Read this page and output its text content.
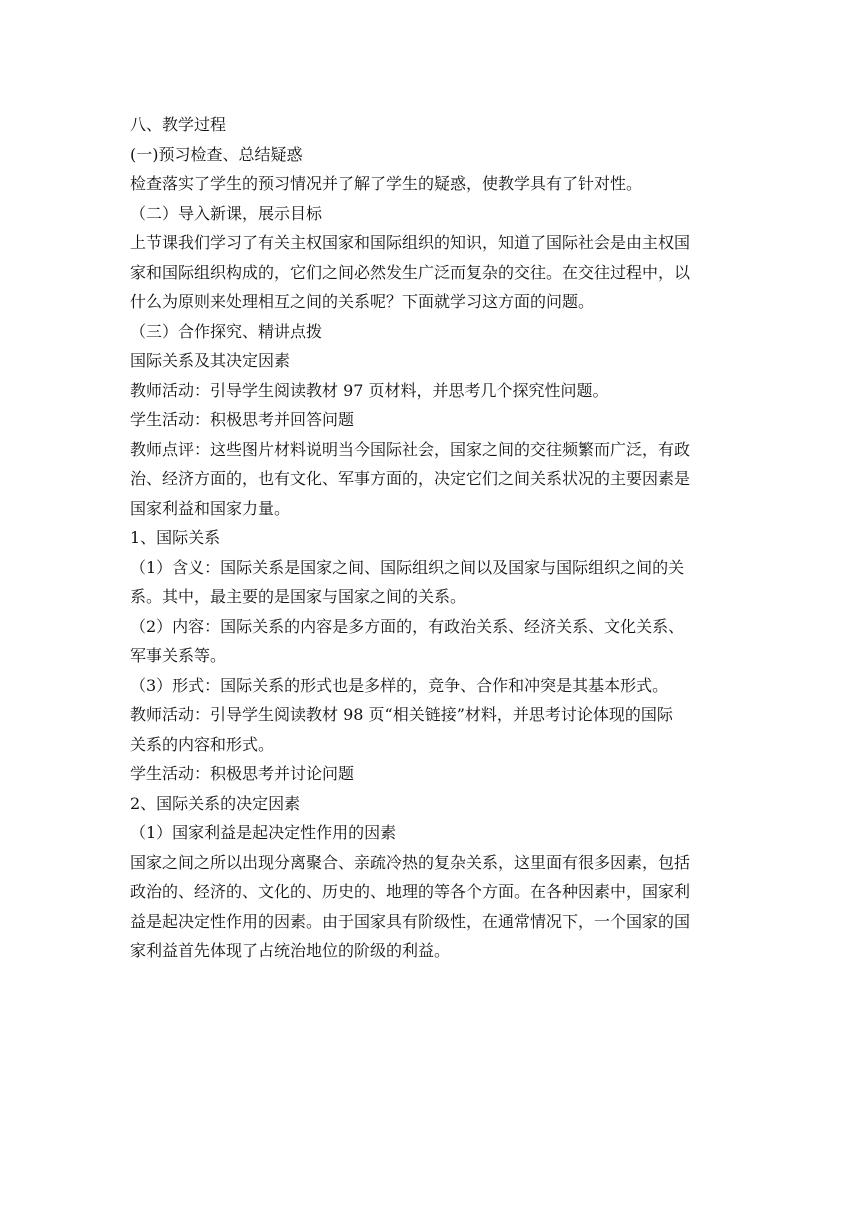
八、教学过程
(一)预习检查、总结疑惑
检查落实了学生的预习情况并了解了学生的疑惑，使教学具有了针对性。
（二）导入新课，展示目标
上节课我们学习了有关主权国家和国际组织的知识，知道了国际社会是由主权国
家和国际组织构成的，它们之间必然发生广泛而复杂的交往。在交往过程中，以
什么为原则来处理相互之间的关系呢？下面就学习这方面的问题。
（三）合作探究、精讲点拨
国际关系及其决定因素
教师活动：引导学生阅读教材 97 页材料，并思考几个探究性问题。
学生活动：积极思考并回答问题
教师点评：这些图片材料说明当今国际社会，国家之间的交往频繁而广泛，有政
治、经济方面的，也有文化、军事方面的，决定它们之间关系状况的主要因素是
国家利益和国家力量。
1、国际关系
（1）含义：国际关系是国家之间、国际组织之间以及国家与国际组织之间的关
系。其中，最主要的是国家与国家之间的关系。
（2）内容：国际关系的内容是多方面的，有政治关系、经济关系、文化关系、
军事关系等。
（3）形式：国际关系的形式也是多样的，竞争、合作和冲突是其基本形式。
教师活动：引导学生阅读教材 98 页“相关链接”材料，并思考讨论体现的国际
关系的内容和形式。
学生活动：积极思考并讨论问题
2、国际关系的决定因素
（1）国家利益是起决定性作用的因素
国家之间之所以出现分离聚合、亲疏冷热的复杂关系，这里面有很多因素，包括
政治的、经济的、文化的、历史的、地理的等各个方面。在各种因素中，国家利
益是起决定性作用的因素。由于国家具有阶级性，在通常情况下，一个国家的国
家利益首先体现了占统治地位的阶级的利益。
